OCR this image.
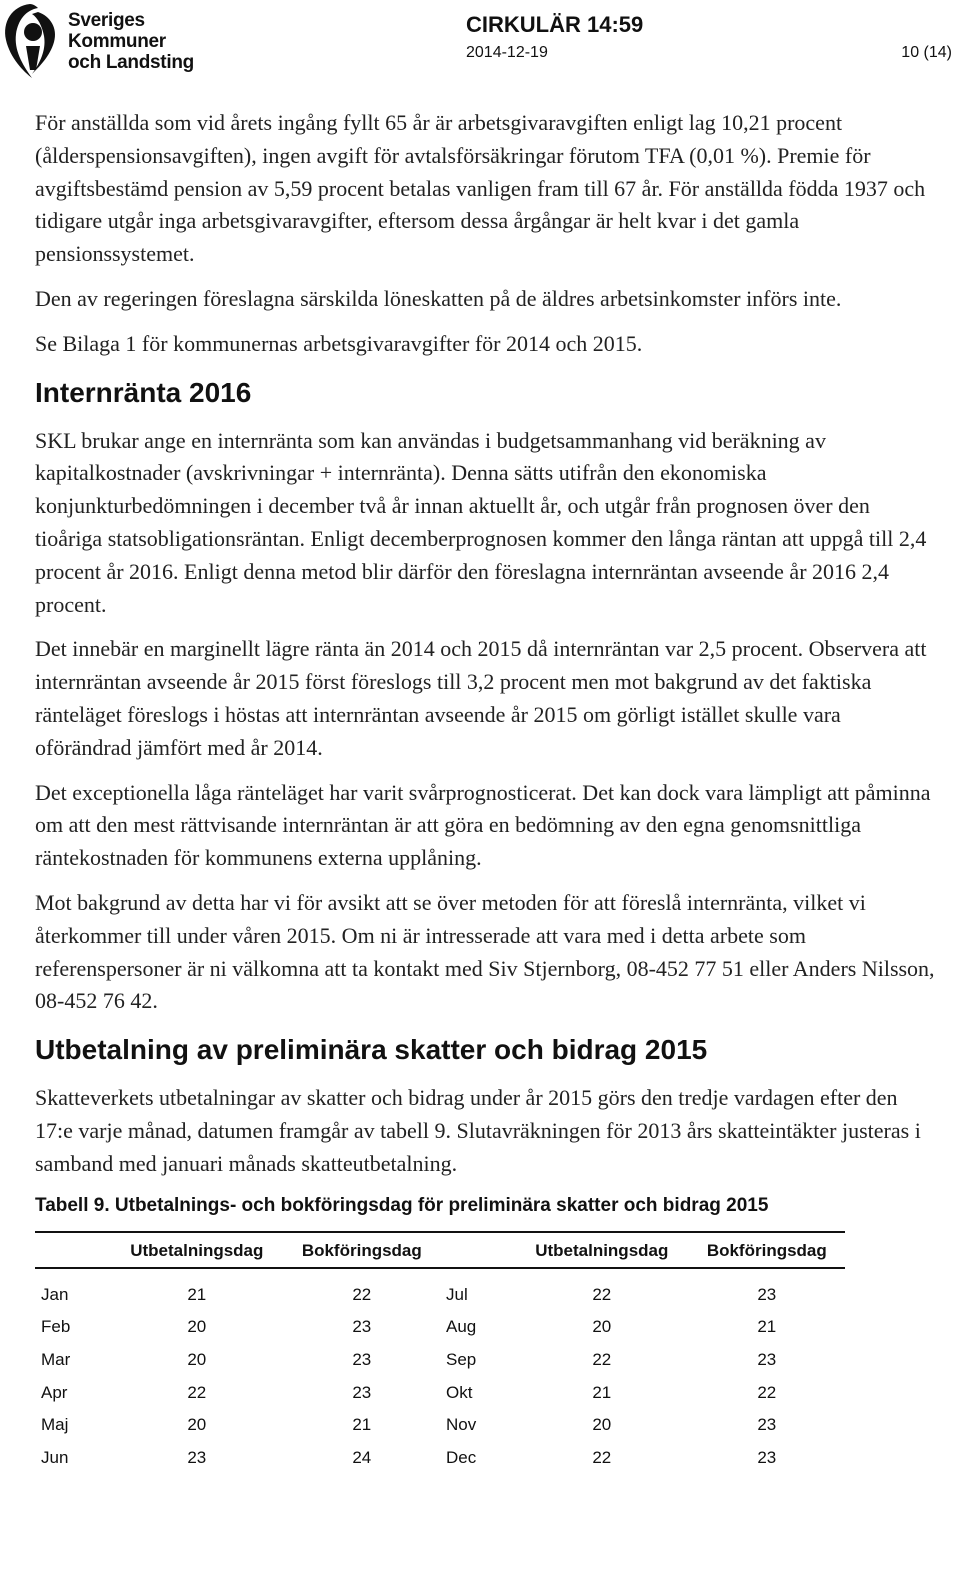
Sveriges
Kommuner
och Landsting
CIRKULÄR 14:59
2014-12-19	10 (14)

För anställda som vid årets ingång fyllt 65 år är arbetsgivaravgiften enligt lag 10,21 procent (ålderspensionsavgiften), ingen avgift för avtalsförsäkringar förutom TFA (0,01 %). Premie för avgiftsbestämd pension av 5,59 procent betalas vanligen fram till 67 år. För anställda födda 1937 och tidigare utgår inga arbetsgivaravgifter, eftersom dessa årgångar är helt kvar i det gamla pensionssystemet.

Den av regeringen föreslagna särskilda löneskatten på de äldres arbetsinkomster införs inte.

Se Bilaga 1 för kommunernas arbetsgivaravgifter för 2014 och 2015.

Internränta 2016

SKL brukar ange en internränta som kan användas i budgetsammanhang vid beräkning av kapitalkostnader (avskrivningar + internränta). Denna sätts utifrån den ekonomiska konjunkturbedömningen i december två år innan aktuellt år, och utgår från prognosen över den tioåriga statsobligationsräntan. Enligt decemberprognosen kommer den långa räntan att uppgå till 2,4 procent år 2016. Enligt denna metod blir därför den föreslagna internräntan avseende år 2016 2,4 procent.

Det innebär en marginellt lägre ränta än 2014 och 2015 då internräntan var 2,5 procent. Observera att internräntan avseende år 2015 först föreslogs till 3,2 procent men mot bakgrund av det faktiska ränteläget föreslogs i höstas att internräntan avseende år 2015 om görligt istället skulle vara oförändrad jämfört med år 2014.

Det exceptionella låga ränteläget har varit svårprognosticerat. Det kan dock vara lämpligt att påminna om att den mest rättvisande internräntan är att göra en bedömning av den egna genomsnittliga räntekostnaden för kommunens externa upplåning.

Mot bakgrund av detta har vi för avsikt att se över metoden för att föreslå internränta, vilket vi återkommer till under våren 2015. Om ni är intresserade att vara med i detta arbete som referenspersoner är ni välkomna att ta kontakt med Siv Stjernborg, 08-452 77 51 eller Anders Nilsson, 08-452 76 42.

Utbetalning av preliminära skatter och bidrag 2015

Skatteverkets utbetalningar av skatter och bidrag under år 2015 görs den tredje vardagen efter den 17:e varje månad, datumen framgår av tabell 9. Slutavräkningen för 2013 års skatteintäkter justeras i samband med januari månads skatteutbetalning.

Tabell 9. Utbetalnings- och bokföringsdag för preliminära skatter och bidrag 2015
	Utbetalningsdag	Bokföringsdag		Utbetalningsdag	Bokföringsdag
Jan	21	22	Jul	22	23
Feb	20	23	Aug	20	21
Mar	20	23	Sep	22	23
Apr	22	23	Okt	21	22
Maj	20	21	Nov	20	23
Jun	23	24	Dec	22	23
